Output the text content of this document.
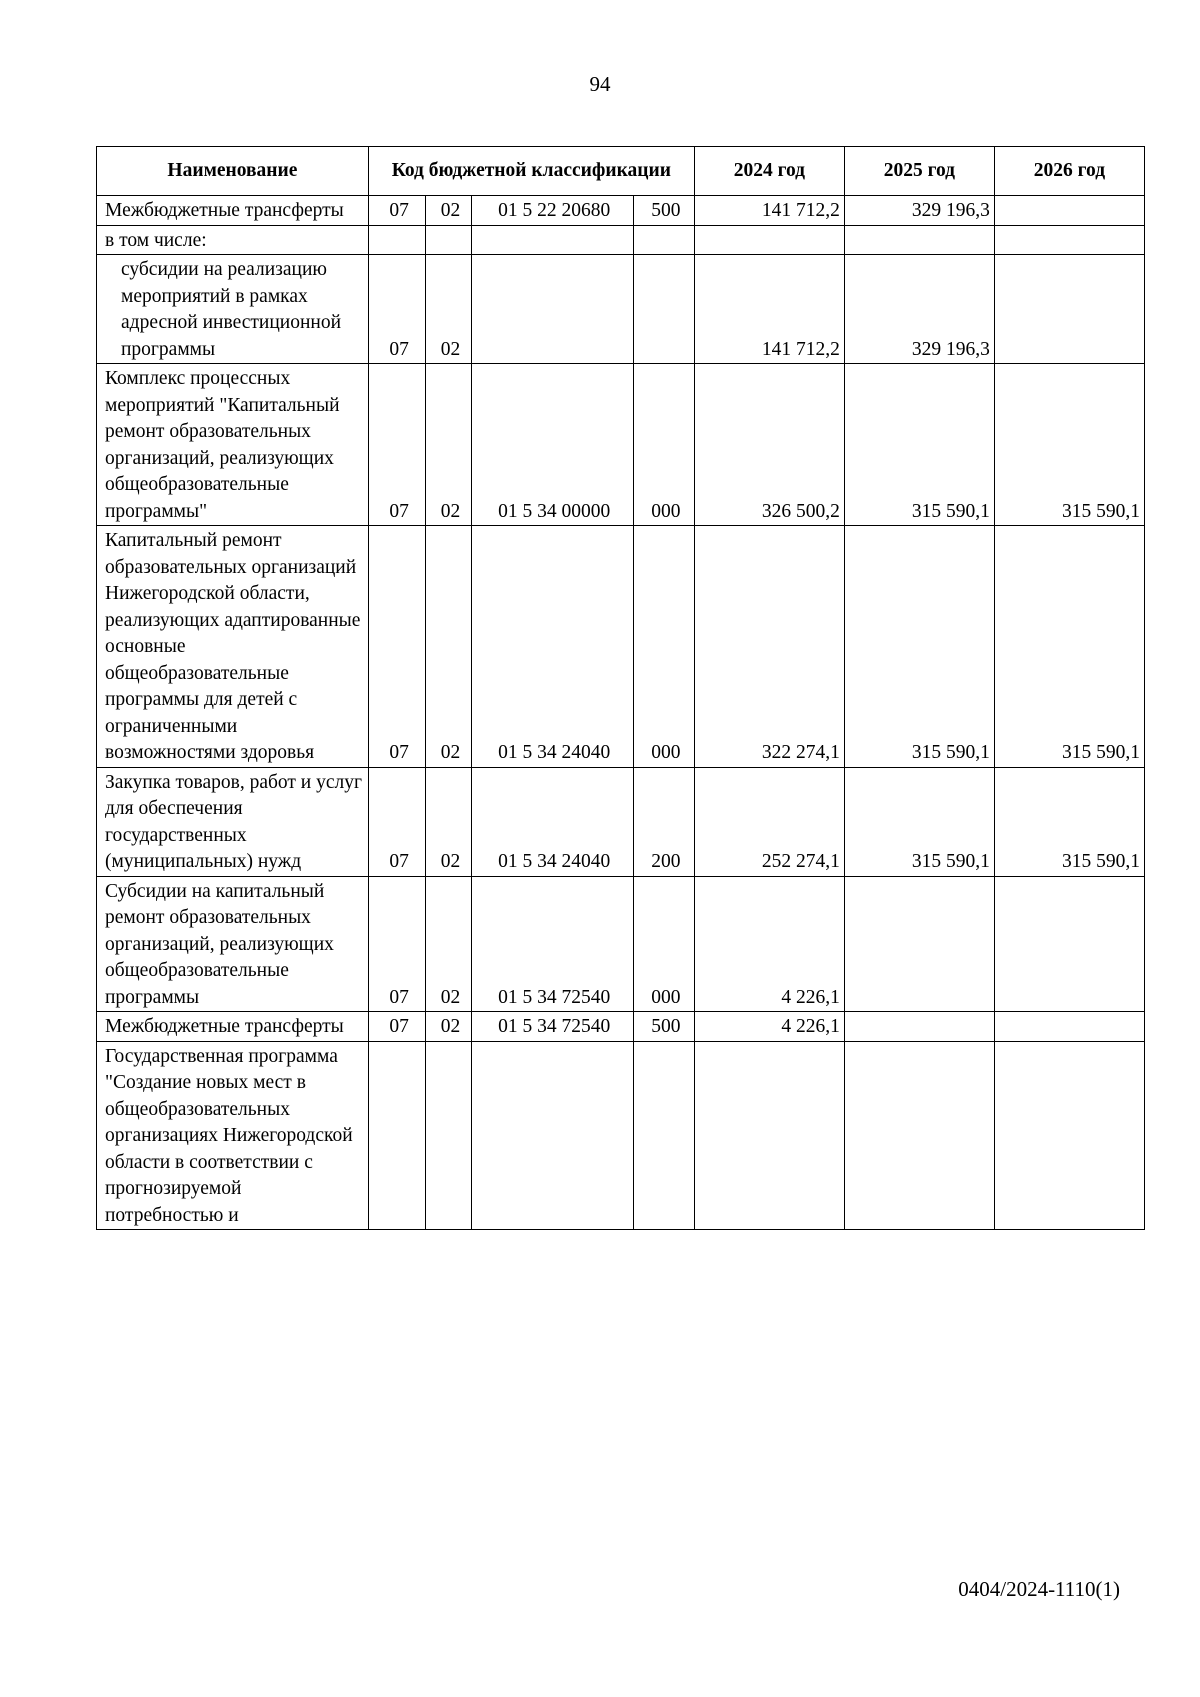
94
Наименование	Код бюджетной классификации				2024 год	2025 год	2026 год
Межбюджетные трансферты	07	02	01 5 22 20680	500	141 712,2	329 196,3	
в том числе:							

субсидии на реализацию мероприятий в рамках адресной инвестиционной программы	07	02			141 712,2	329 196,3	
Комплекс процессных мероприятий "Капитальный ремонт образовательных организаций, реализующих общеобразовательные программы"	07	02	01 5 34 00000	000	326 500,2	315 590,1	315 590,1
Капитальный ремонт образовательных организаций Нижегородской области, реализующих адаптированные основные общеобразовательные программы для детей с ограниченными возможностями здоровья	07	02	01 5 34 24040	000	322 274,1	315 590,1	315 590,1
Закупка товаров, работ и услуг для обеспечения государственных (муниципальных) нужд	07	02	01 5 34 24040	200	252 274,1	315 590,1	315 590,1
Субсидии на капитальный ремонт образовательных организаций, реализующих общеобразовательные программы	07	02	01 5 34 72540	000	4 226,1		
Межбюджетные трансферты	07	02	01 5 34 72540	500	4 226,1		
Государственная программа "Создание новых мест в общеобразовательных организациях Нижегородской области в соответствии с прогнозируемой потребностью и							
0404/2024-1110(1)
